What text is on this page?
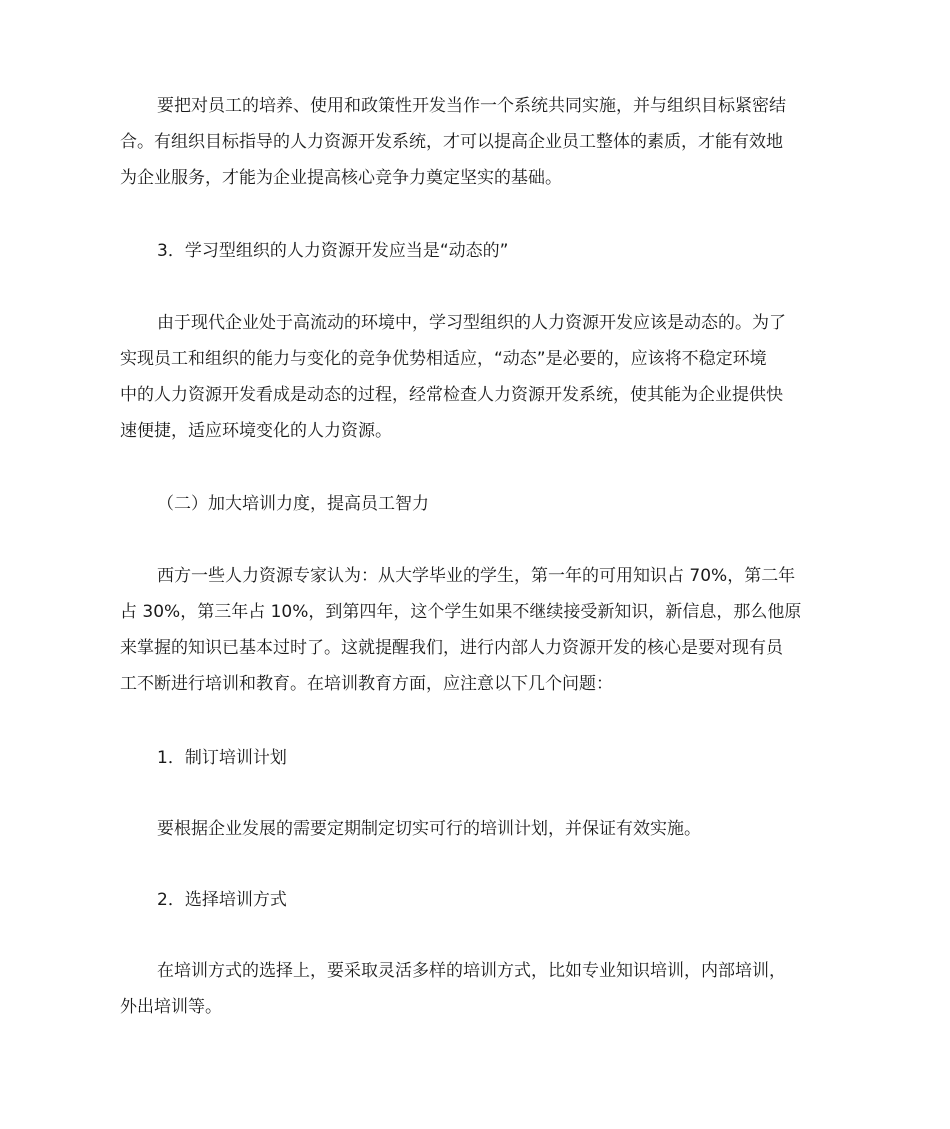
要把对员工的培养、使用和政策性开发当作一个系统共同实施，并与组织目标紧密结
合。有组织目标指导的人力资源开发系统，才可以提高企业员工整体的素质，才能有效地
为企业服务，才能为企业提高核心竞争力奠定坚实的基础。
3．学习型组织的人力资源开发应当是“动态的”
由于现代企业处于高流动的环境中，学习型组织的人力资源开发应该是动态的。为了
实现员工和组织的能力与变化的竞争优势相适应，“动态”是必要的，应该将不稳定环境
中的人力资源开发看成是动态的过程，经常检查人力资源开发系统，使其能为企业提供快
速便捷，适应环境变化的人力资源。
（二）加大培训力度，提高员工智力
西方一些人力资源专家认为：从大学毕业的学生，第一年的可用知识占 70%，第二年
占 30%，第三年占 10%，到第四年，这个学生如果不继续接受新知识，新信息，那么他原
来掌握的知识已基本过时了。这就提醒我们，进行内部人力资源开发的核心是要对现有员
工不断进行培训和教育。在培训教育方面，应注意以下几个问题：
1．制订培训计划
要根据企业发展的需要定期制定切实可行的培训计划，并保证有效实施。
2．选择培训方式
在培训方式的选择上，要采取灵活多样的培训方式，比如专业知识培训，内部培训，
外出培训等。
